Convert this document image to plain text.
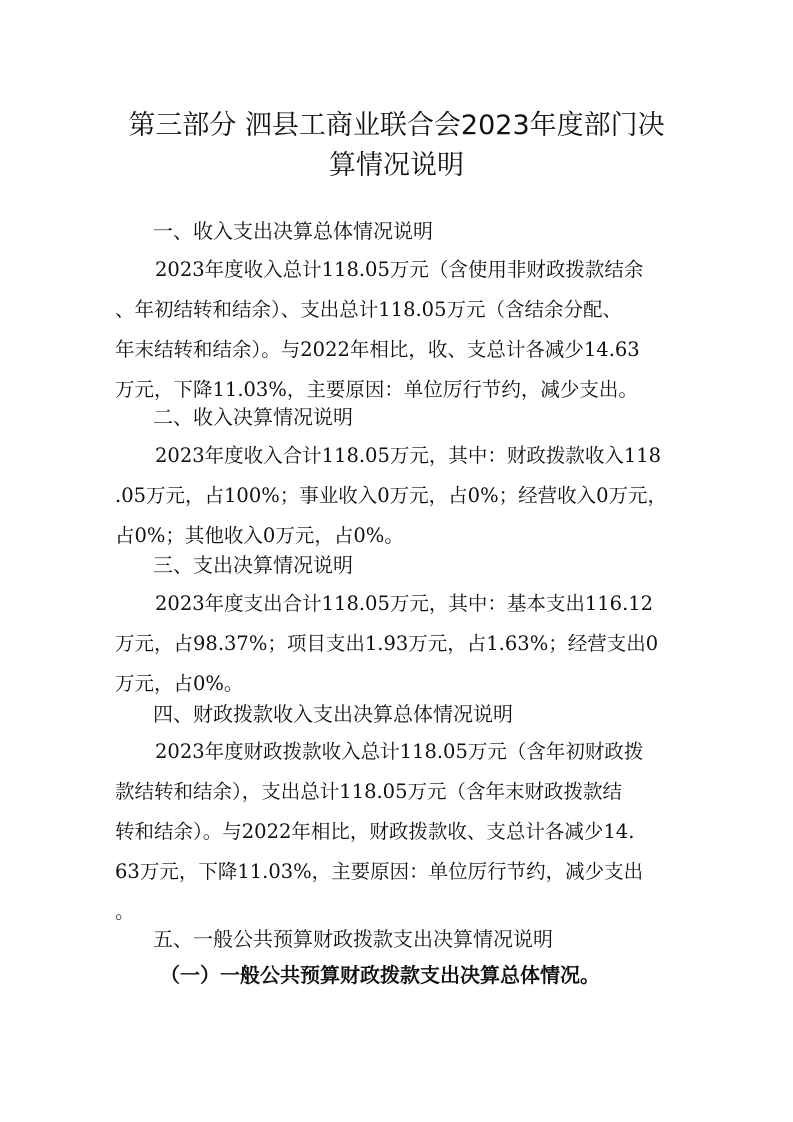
第三部分 泗县工商业联合会2023年度部门决
算情况说明
一、收入支出决算总体情况说明
2023年度收入总计118.05万元（含使用非财政拨款结余
、年初结转和结余）、支出总计118.05万元（含结余分配、
年末结转和结余）。与2022年相比，收、支总计各减少14.63
万元，下降11.03%，主要原因：单位厉行节约，减少支出。
二、收入决算情况说明
2023年度收入合计118.05万元，其中：财政拨款收入118
.05万元，占100%；事业收入0万元，占0%；经营收入0万元，
占0%；其他收入0万元，占0%。
三、支出决算情况说明
2023年度支出合计118.05万元，其中：基本支出116.12
万元，占98.37%；项目支出1.93万元，占1.63%；经营支出0
万元，占0%。
四、财政拨款收入支出决算总体情况说明
2023年度财政拨款收入总计118.05万元（含年初财政拨
款结转和结余），支出总计118.05万元（含年末财政拨款结
转和结余）。与2022年相比，财政拨款收、支总计各减少14.
63万元，下降11.03%，主要原因：单位厉行节约，减少支出
。
五、一般公共预算财政拨款支出决算情况说明
（一）一般公共预算财政拨款支出决算总体情况。
